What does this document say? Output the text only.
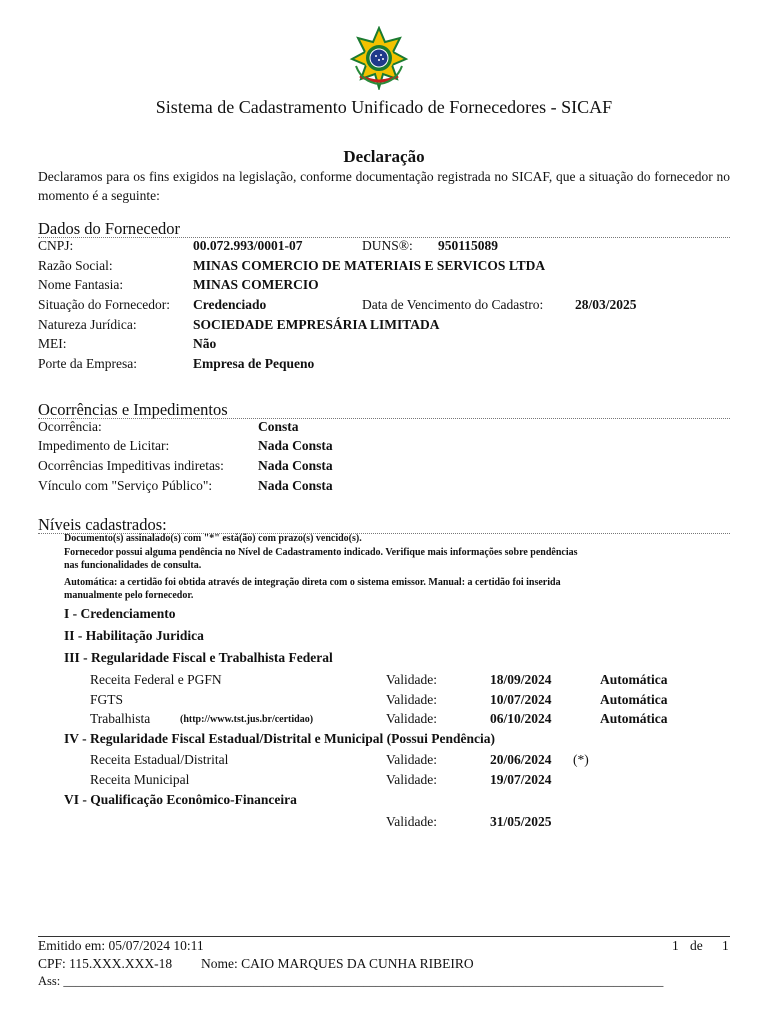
Sistema de Cadastramento Unificado de Fornecedores - SICAF
Declaração
Declaramos para os fins exigidos na legislação, conforme documentação registrada no SICAF, que a situação do fornecedor no momento é a seguinte:
Dados do Fornecedor
CNPJ:	00.072.993/0001-07	DUNS®: 950115089
Razão Social:	MINAS COMERCIO DE MATERIAIS E SERVICOS LTDA
Nome Fantasia:	MINAS COMERCIO
Situação do Fornecedor: Credenciado	Data de Vencimento do Cadastro: 28/03/2025
Natureza Jurídica:	SOCIEDADE EMPRESÁRIA LIMITADA
MEI:	Não
Porte da Empresa:	Empresa de Pequeno
Ocorrências e Impedimentos
Ocorrência:	Consta
Impedimento de Licitar:	Nada Consta
Ocorrências Impeditivas indiretas:	Nada Consta
Vínculo com "Serviço Público":	Nada Consta
Níveis cadastrados:
Documento(s) assinalado(s) com "*" está(ão) com prazo(s) vencido(s).
Fornecedor possui alguma pendência no Nível de Cadastramento indicado. Verifique mais informações sobre pendências
nas funcionalidades de consulta.
Automática: a certidão foi obtida através de integração direta com o sistema emissor. Manual: a certidão foi inserida
manualmente pelo fornecedor.
I - Credenciamento
II - Habilitação Juridica
III - Regularidade Fiscal e Trabalhista Federal
Receita Federal e PGFN	Validade:	18/09/2024	Automática
FGTS	Validade:	10/07/2024	Automática
Trabalhista	(http://www.tst.jus.br/certidao)	Validade:	06/10/2024	Automática
IV - Regularidade Fiscal Estadual/Distrital e Municipal (Possui Pendência)
Receita Estadual/Distrital	Validade:	20/06/2024 (*)
Receita Municipal	Validade:	19/07/2024
VI - Qualificação Econômico-Financeira
Validade:	31/05/2025
Emitido em: 05/07/2024 10:11	1 de 1
CPF: 115.XXX.XXX-18 Nome: CAIO MARQUES DA CUNHA RIBEIRO
Ass: ________________________________________________________________________________________________
